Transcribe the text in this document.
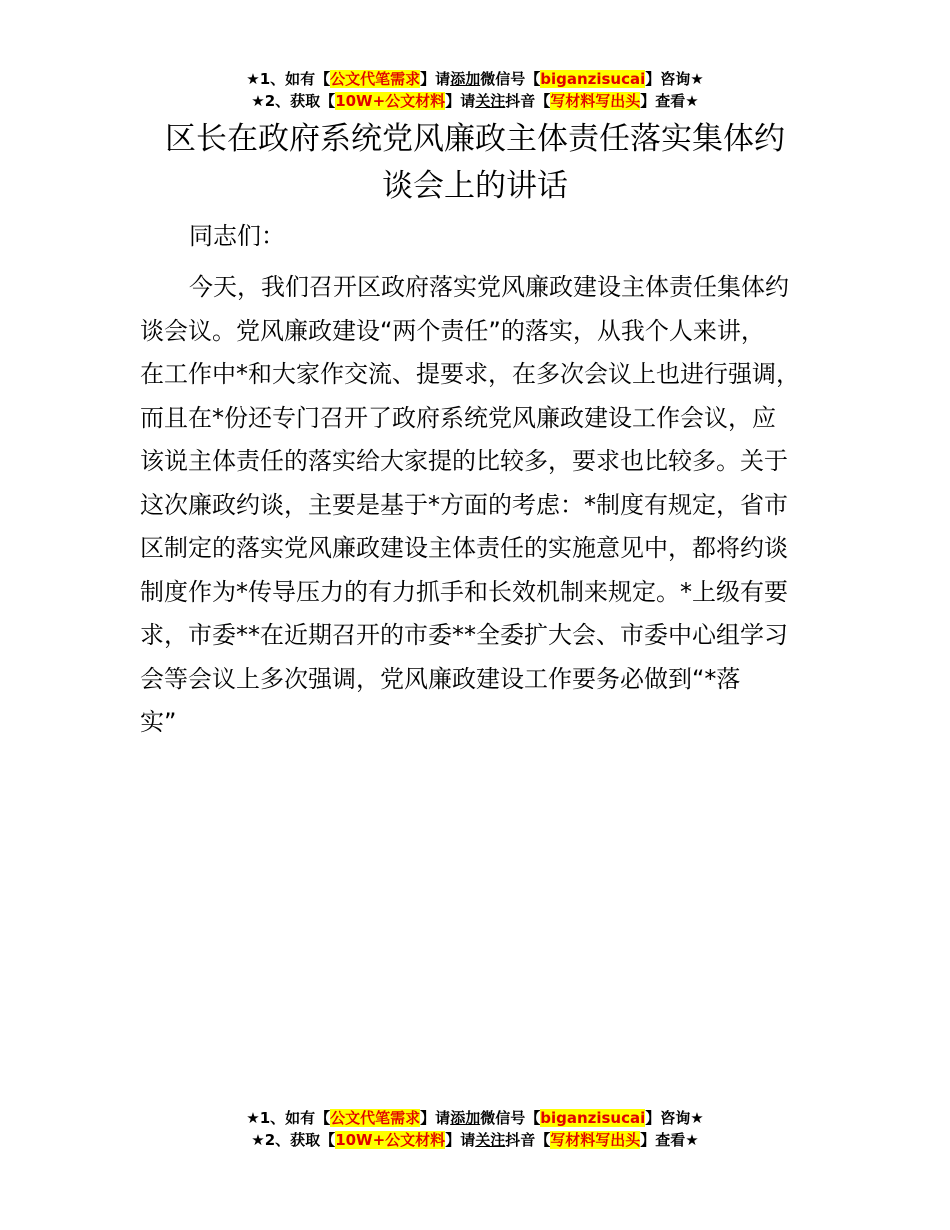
★1、如有【公文代笔需求】请添加微信号【biganzisucai】咨询★
★2、获取【10W+公文材料】请关注抖音【写材料写出头】查看★
区长在政府系统党风廉政主体责任落实集体约
谈会上的讲话

同志们：

今天，我们召开区政府落实党风廉政建设主体责任集体约
谈会议。党风廉政建设“两个责任”的落实，从我个人来讲，
在工作中*和大家作交流、提要求，在多次会议上也进行强调，
而且在*份还专门召开了政府系统党风廉政建设工作会议，应
该说主体责任的落实给大家提的比较多，要求也比较多。关于
这次廉政约谈，主要是基于*方面的考虑：*制度有规定，省市
区制定的落实党风廉政建设主体责任的实施意见中，都将约谈
制度作为*传导压力的有力抓手和长效机制来规定。*上级有要
求，市委**在近期召开的市委**全委扩大会、市委中心组学习
会等会议上多次强调，党风廉政建设工作要务必做到“*落
实”

★1、如有【公文代笔需求】请添加微信号【biganzisucai】咨询★
★2、获取【10W+公文材料】请关注抖音【写材料写出头】查看★
